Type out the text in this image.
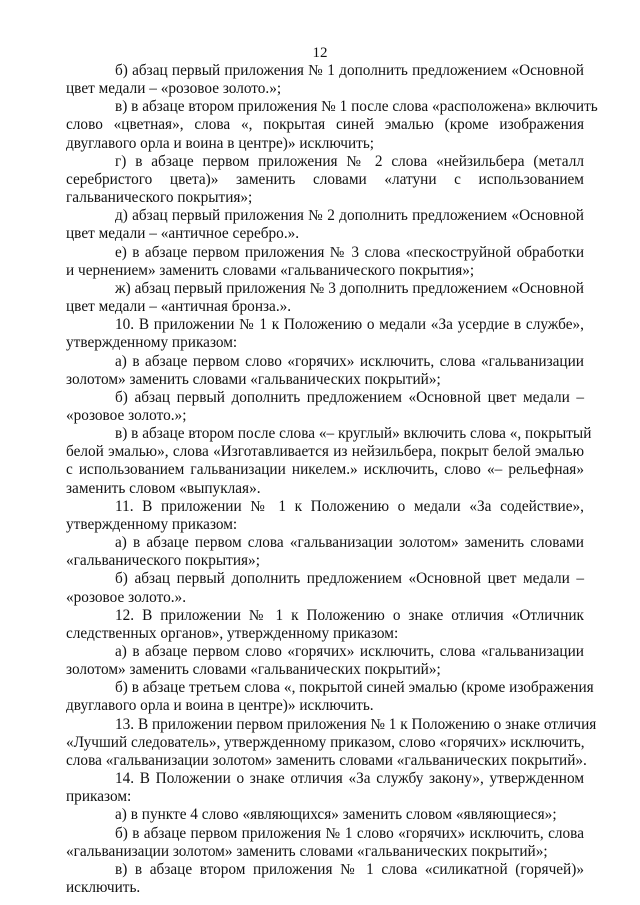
12
б) абзац первый приложения № 1 дополнить предложением «Основной
цвет медали – «розовое золото.»;
в) в абзаце втором приложения № 1 после слова «расположена» включить
слово «цветная», слова «, покрытая синей эмалью (кроме изображения
двуглавого орла и воина в центре)» исключить;
г) в абзаце первом приложения № 2 слова «нейзильбера (металл
серебристого цвета)» заменить словами «латуни с использованием
гальванического покрытия»;
д) абзац первый приложения № 2 дополнить предложением «Основной
цвет медали – «античное серебро.».
е) в абзаце первом приложения № 3 слова «пескоструйной обработки
и чернением» заменить словами «гальванического покрытия»;
ж) абзац первый приложения № 3 дополнить предложением «Основной
цвет медали – «античная бронза.».
10. В приложении № 1 к Положению о медали «За усердие в службе»,
утвержденному приказом:
а) в абзаце первом слово «горячих» исключить, слова «гальванизации
золотом» заменить словами «гальванических покрытий»;
б) абзац первый дополнить предложением «Основной цвет медали –
«розовое золото.»;
в) в абзаце втором после слова «– круглый» включить слова «, покрытый
белой эмалью», слова «Изготавливается из нейзильбера, покрыт белой эмалью
с использованием гальванизации никелем.» исключить, слово «– рельефная»
заменить словом «выпуклая».
11. В приложении № 1 к Положению о медали «За содействие»,
утвержденному приказом:
а) в абзаце первом слова «гальванизации золотом» заменить словами
«гальванического покрытия»;
б) абзац первый дополнить предложением «Основной цвет медали –
«розовое золото.».
12. В приложении № 1 к Положению о знаке отличия «Отличник
следственных органов», утвержденному приказом:
а) в абзаце первом слово «горячих» исключить, слова «гальванизации
золотом» заменить словами «гальванических покрытий»;
б) в абзаце третьем слова «, покрытой синей эмалью (кроме изображения
двуглавого орла и воина в центре)» исключить.
13. В приложении первом приложения № 1 к Положению о знаке отличия
«Лучший следователь», утвержденному приказом, слово «горячих» исключить,
слова «гальванизации золотом» заменить словами «гальванических покрытий».
14. В Положении о знаке отличия «За службу закону», утвержденном
приказом:
а) в пункте 4 слово «являющихся» заменить словом «являющиеся»;
б) в абзаце первом приложения № 1 слово «горячих» исключить, слова
«гальванизации золотом» заменить словами «гальванических покрытий»;
в) в абзаце втором приложения № 1 слова «силикатной (горячей)»
исключить.
